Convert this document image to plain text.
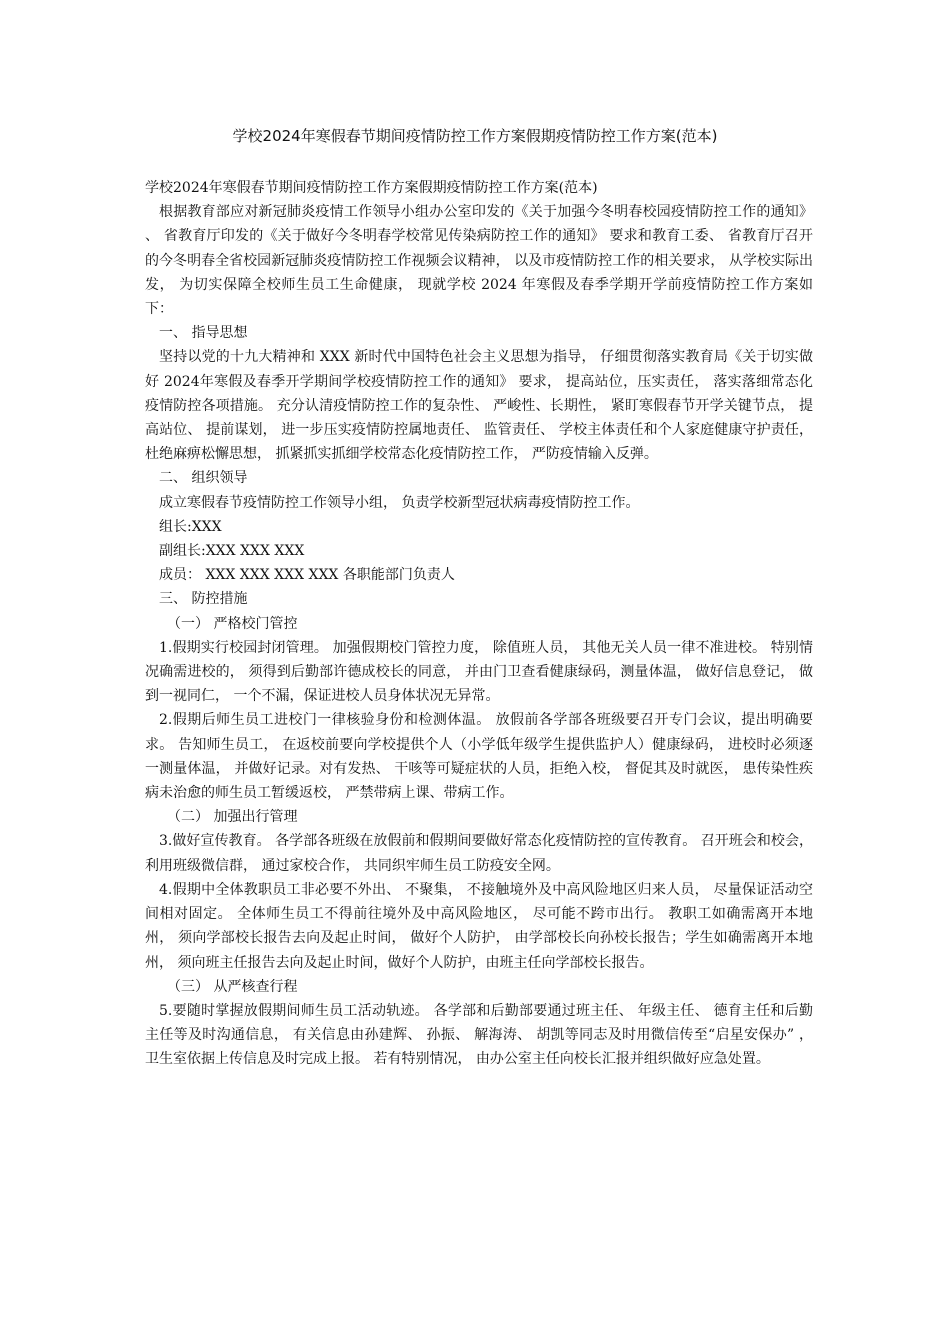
学校2024年寒假春节期间疫情防控工作方案假期疫情防控工作方案(范本)

学校2024年寒假春节期间疫情防控工作方案假期疫情防控工作方案(范本)

根据教育部应对新冠肺炎疫情工作领导小组办公室印发的《关于加强今冬明春校园疫情防控工作的通知》 、 省教育厅印发的《关于做好今冬明春学校常见传染病防控工作的通知》 要求和教育工委、 省教育厅召开的今冬明春全省校园新冠肺炎疫情防控工作视频会议精神， 以及市疫情防控工作的相关要求， 从学校实际出发， 为切实保障全校师生员工生命健康， 现就学校 2024 年寒假及春季学期开学前疫情防控工作方案如下：

一、 指导思想

坚持以党的十九大精神和 XXX 新时代中国特色社会主义思想为指导， 仔细贯彻落实教育局《关于切实做好 2024年寒假及春季开学期间学校疫情防控工作的通知》 要求， 提高站位，压实责任， 落实落细常态化疫情防控各项措施。 充分认清疫情防控工作的复杂性、 严峻性、长期性， 紧盯寒假春节开学关键节点， 提高站位、 提前谋划， 进一步压实疫情防控属地责任、 监管责任、 学校主体责任和个人家庭健康守护责任， 杜绝麻痹松懈思想， 抓紧抓实抓细学校常态化疫情防控工作， 严防疫情输入反弹。

二、 组织领导

成立寒假春节疫情防控工作领导小组， 负责学校新型冠状病毒疫情防控工作。

组长:XXX

副组长:XXX XXX XXX

成员： XXX XXX XXX XXX 各职能部门负责人

三、 防控措施

（一） 严格校门管控

1.假期实行校园封闭管理。 加强假期校门管控力度， 除值班人员， 其他无关人员一律不准进校。 特别情况确需进校的， 须得到后勤部许德成校长的同意， 并由门卫查看健康绿码，测量体温， 做好信息登记， 做到一视同仁， 一个不漏，保证进校人员身体状况无异常。

2.假期后师生员工进校门一律核验身份和检测体温。 放假前各学部各班级要召开专门会议，提出明确要求。 告知师生员工， 在返校前要向学校提供个人（小学低年级学生提供监护人）健康绿码， 进校时必须逐一测量体温， 并做好记录。对有发热、 干咳等可疑症状的人员，拒绝入校， 督促其及时就医， 患传染性疾病未治愈的师生员工暂缓返校， 严禁带病上课、带病工作。

（二） 加强出行管理

3.做好宣传教育。 各学部各班级在放假前和假期间要做好常态化疫情防控的宣传教育。 召开班会和校会， 利用班级微信群， 通过家校合作， 共同织牢师生员工防疫安全网。

4.假期中全体教职员工非必要不外出、 不聚集， 不接触境外及中高风险地区归来人员， 尽量保证活动空间相对固定。 全体师生员工不得前往境外及中高风险地区， 尽可能不跨市出行。 教职工如确需离开本地州， 须向学部校长报告去向及起止时间， 做好个人防护， 由学部校长向孙校长报告；学生如确需离开本地州， 须向班主任报告去向及起止时间，做好个人防护，由班主任向学部校长报告。

（三） 从严核查行程

5.要随时掌握放假期间师生员工活动轨迹。 各学部和后勤部要通过班主任、 年级主任、 德育主任和后勤主任等及时沟通信息， 有关信息由孙建辉、 孙振、 解海涛、 胡凯等同志及时用微信传至“启星安保办” ， 卫生室依据上传信息及时完成上报。 若有特别情况， 由办公室主任向校长汇报并组织做好应急处置。
